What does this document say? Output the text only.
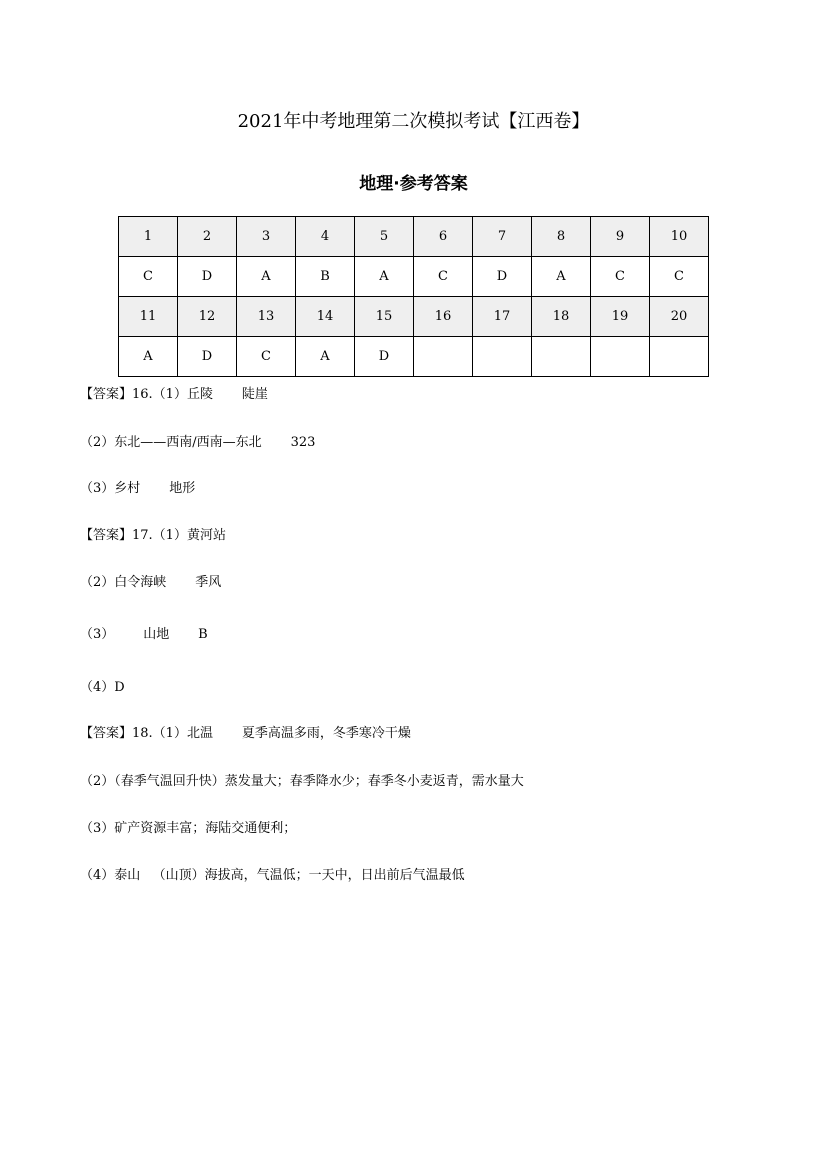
2021年中考地理第二次模拟考试【江西卷】
地理·参考答案
1	2	3	4	5	6	7	8	9	10
C	D	A	B	A	C	D	A	C	C
11	12	13	14	15	16	17	18	19	20
A	D	C	A	D					
【答案】16.（1）丘陵       陡崖
（2）东北——西南/西南—东北       323
（3）乡村       地形
【答案】17.（1）黄河站
（2）白令海峡       季风
（3）       山地       B
（4）D
【答案】18.（1）北温       夏季高温多雨，冬季寒冷干燥
（2）（春季气温回升快）蒸发量大；春季降水少；春季冬小麦返青，需水量大
（3）矿产资源丰富；海陆交通便利；
（4）泰山   （山顶）海拔高，气温低；一天中，日出前后气温最低
